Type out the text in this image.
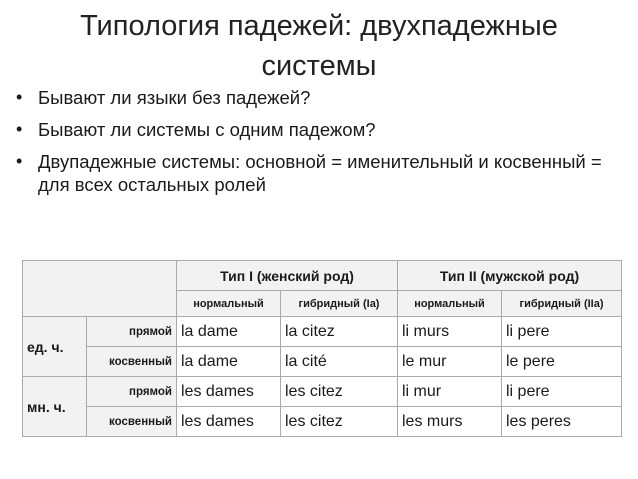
Типология падежей: двухпадежные
системы
• Бывают ли языки без падежей?
• Бывают ли системы с одним падежом?
• Двупадежные системы: основной = именительный и косвенный = для всех остальных ролей
		Тип I (женский род)		Тип II (мужской род)	
		нормальный	гибридный (Ia)	нормальный	гибридный (IIa)
ед. ч.	прямой	la dame	la citez	li murs	li pere
	косвенный	la dame	la cité	le mur	le pere
мн. ч.	прямой	les dames	les citez	li mur	li pere
	косвенный	les dames	les citez	les murs	les peres
